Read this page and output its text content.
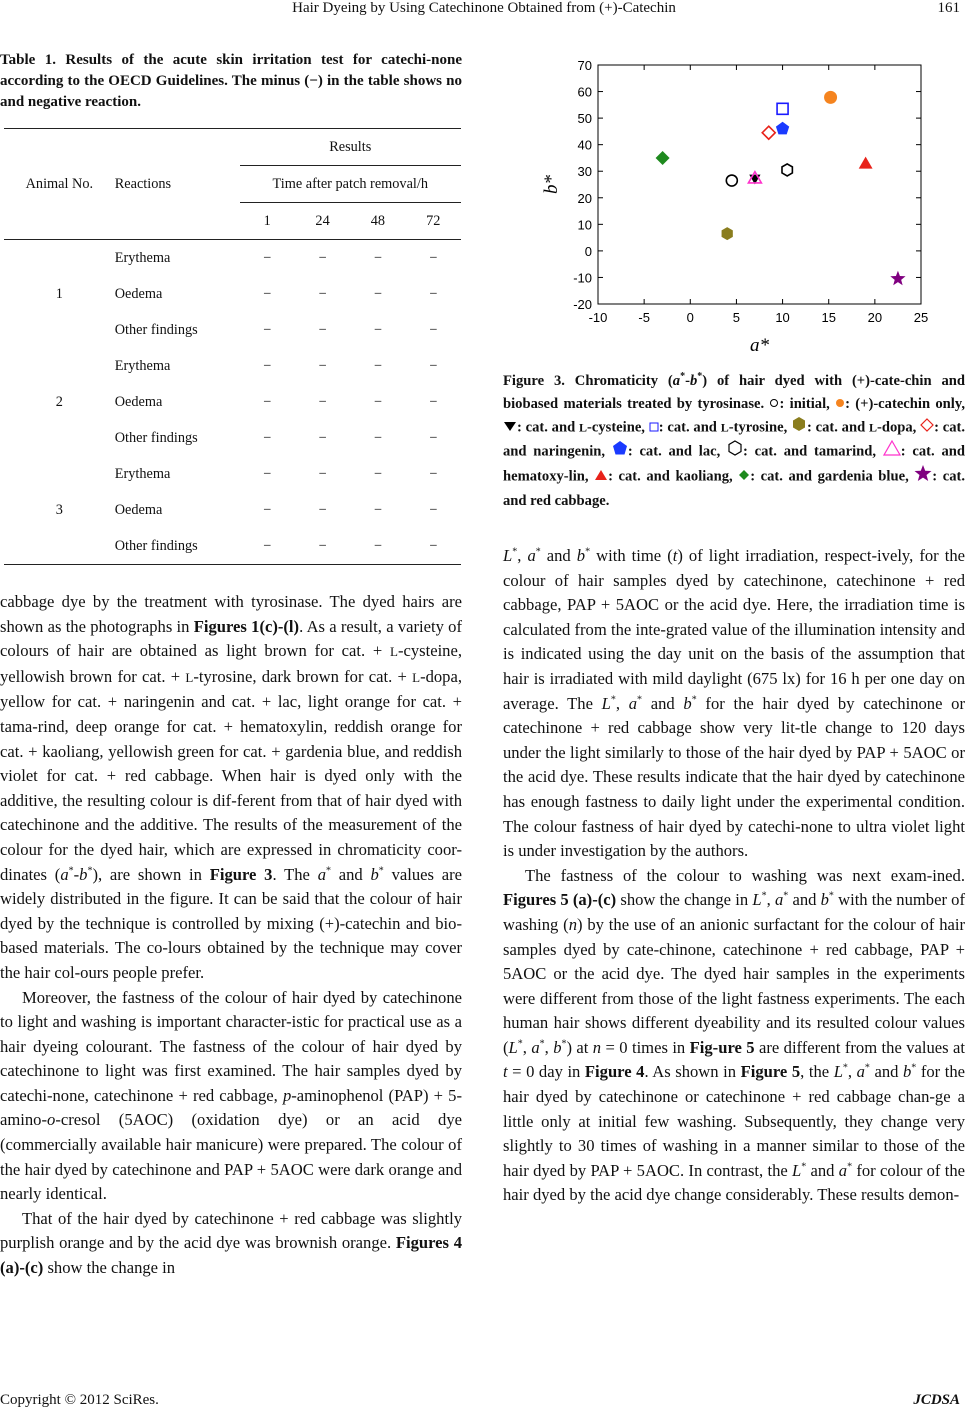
Hair Dyeing by Using Catechinone Obtained from (+)-Catechin	161

Table 1. Results of the acute skin irritation test for catechi-none according to the OECD Guidelines. The minus (−) in the table shows no and negative reaction.

Animal No.	Reactions	Results			
		Time after patch removal/h			
		1	24	48	72
1	Erythema	−	−	−	−
	Oedema	−	−	−	−
	Other findings	−	−	−	−
2	Erythema	−	−	−	−
	Oedema	−	−	−	−
	Other findings	−	−	−	−
3	Erythema	−	−	−	−
	Oedema	−	−	−	−
	Other findings	−	−	−	−

cabbage dye by the treatment with tyrosinase. The dyed hairs are shown as the photographs in Figures 1(c)-(l). As a result, a variety of colours of hair are obtained as light brown for cat. + L-cysteine, yellowish brown for cat. + L-tyrosine, dark brown for cat. + L-dopa, yellow for cat. + naringenin and cat. + lac, light orange for cat. + tama-rind, deep orange for cat. + hematoxylin, reddish orange for cat. + kaoliang, yellowish green for cat. + gardenia blue, and reddish violet for cat. + red cabbage. When hair is dyed only with the additive, the resulting colour is dif-ferent from that of hair dyed with catechinone and the additive. The results of the measurement of the colour for the dyed hair, which are expressed in chromaticity coor-dinates (a*-b*), are shown in Figure 3. The a* and b* values are widely distributed in the figure. It can be said that the colour of hair dyed by the technique is controlled by mixing (+)-catechin and bio-based materials. The co-lours obtained by the technique may cover the hair col-ours people prefer.

Moreover, the fastness of the colour of hair dyed by catechinone to light and washing is important character-istic for practical use as a hair dyeing colourant. The fastness of the colour of hair dyed by catechinone to light was first examined. The hair samples dyed by catechi-none, catechinone + red cabbage, p-aminophenol (PAP) + 5-amino-o-cresol (5AOC) (oxidation dye) or an acid dye (commercially available hair manicure) were prepared. The colour of the hair dyed by catechinone and PAP + 5AOC were dark orange and nearly identical.

That of the hair dyed by catechinone + red cabbage was slightly purplish orange and by the acid dye was brownish orange. Figures 4 (a)-(c) show the change in

-10 -5	0	5	10 15 20 25
-20
-10
0
10
20
30
40
50
60
70
a*
b*
Figure 3. Chromaticity (a*-b*) of hair dyed with (+)-cate-chin and biobased materials treated by tyrosinase. : initial, : (+)-catechin only, : cat. and L-cysteine, : cat. and L-tyrosine, : cat. and L-dopa, : cat. and naringenin, : cat. and lac, : cat. and tamarind, : cat. and hematoxy-lin, : cat. and kaoliang, : cat. and gardenia blue, : cat. and red cabbage.

L*, a* and b* with time (t) of light irradiation, respect-ively, for the colour of hair samples dyed by catechinone, catechinone + red cabbage, PAP + 5AOC or the acid dye. Here, the irradiation time is calculated from the inte-grated value of the illumination intensity and is indicated using the day unit on the basis of the assumption that hair is irradiated with mild daylight (675 lx) for 16 h per one day on average. The L*, a* and b* for the hair dyed by catechinone or catechinone + red cabbage show very lit-tle change to 120 days under the light similarly to those of the hair dyed by PAP + 5AOC or the acid dye. These results indicate that the hair dyed by catechinone has enough fastness to daily light under the experimental condition. The colour fastness of hair dyed by catechi-none to ultra violet light is under investigation by the authors.

The fastness of the colour to washing was next exam-ined. Figures 5 (a)-(c) show the change in L*, a* and b* with the number of washing (n) by the use of an anionic surfactant for the colour of hair samples dyed by cate-chinone, catechinone + red cabbage, PAP + 5AOC or the acid dye. The dyed hair samples in the experiments were different from those of the light fastness experiments. The each human hair shows different dyeability and its resulted colour values (L*, a*, b*) at n = 0 times in Fig-ure 5 are different from the values at t = 0 day in Figure 4. As shown in Figure 5, the L*, a* and b* for the hair dyed by catechinone or catechinone + red cabbage chan-ge a little only at initial few washing. Subsequently, they change very slightly to 30 times of washing in a manner similar to those of the hair dyed by PAP + 5AOC. In contrast, the L* and a* for colour of the hair dyed by the acid dye change considerably. These results demon-

Copyright © 2012 SciRes.	JCDSA
